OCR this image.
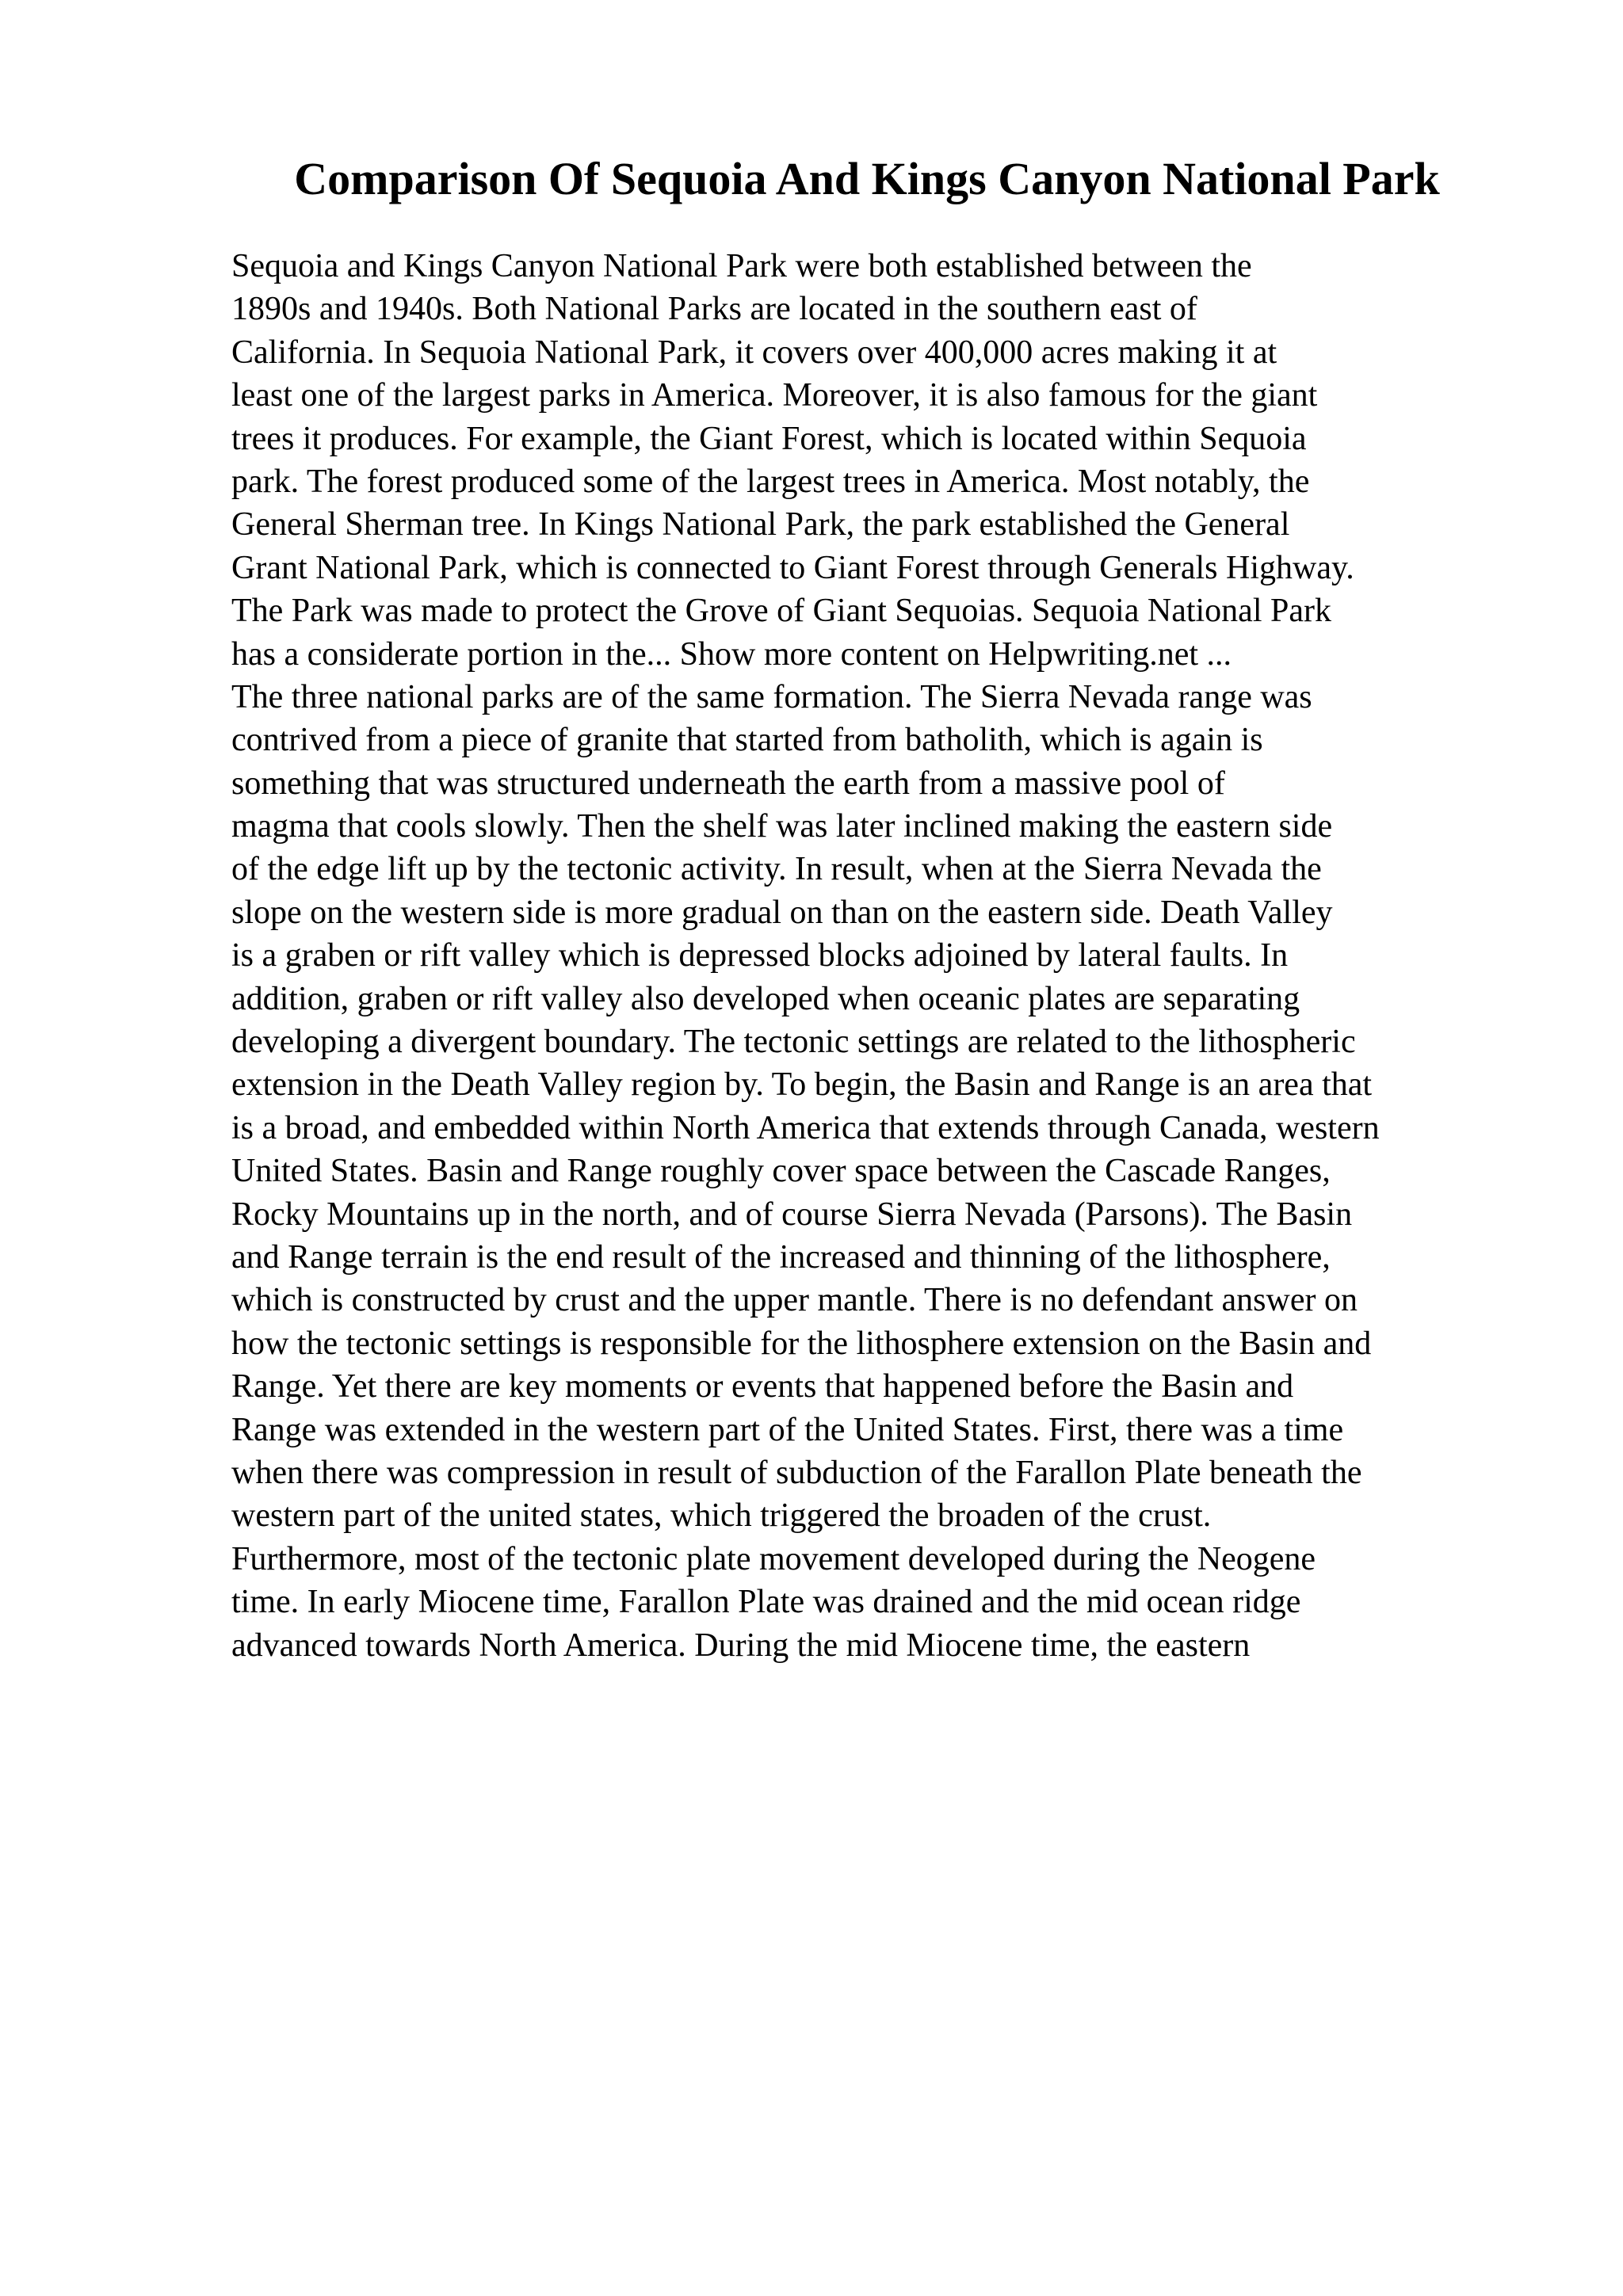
Comparison Of Sequoia And Kings Canyon National Park
Sequoia and Kings Canyon National Park were both established between the
1890s and 1940s. Both National Parks are located in the southern east of
California. In Sequoia National Park, it covers over 400,000 acres making it at
least one of the largest parks in America. Moreover, it is also famous for the giant
trees it produces. For example, the Giant Forest, which is located within Sequoia
park. The forest produced some of the largest trees in America. Most notably, the
General Sherman tree. In Kings National Park, the park established the General
Grant National Park, which is connected to Giant Forest through Generals Highway.
The Park was made to protect the Grove of Giant Sequoias. Sequoia National Park
has a considerate portion in the... Show more content on Helpwriting.net ...
The three national parks are of the same formation. The Sierra Nevada range was
contrived from a piece of granite that started from batholith, which is again is
something that was structured underneath the earth from a massive pool of
magma that cools slowly. Then the shelf was later inclined making the eastern side
of the edge lift up by the tectonic activity. In result, when at the Sierra Nevada the
slope on the western side is more gradual on than on the eastern side. Death Valley
is a graben or rift valley which is depressed blocks adjoined by lateral faults. In
addition, graben or rift valley also developed when oceanic plates are separating
developing a divergent boundary. The tectonic settings are related to the lithospheric
extension in the Death Valley region by. To begin, the Basin and Range is an area that
is a broad, and embedded within North America that extends through Canada, western
United States. Basin and Range roughly cover space between the Cascade Ranges,
Rocky Mountains up in the north, and of course Sierra Nevada (Parsons). The Basin
and Range terrain is the end result of the increased and thinning of the lithosphere,
which is constructed by crust and the upper mantle. There is no defendant answer on
how the tectonic settings is responsible for the lithosphere extension on the Basin and
Range. Yet there are key moments or events that happened before the Basin and
Range was extended in the western part of the United States. First, there was a time
when there was compression in result of subduction of the Farallon Plate beneath the
western part of the united states, which triggered the broaden of the crust.
Furthermore, most of the tectonic plate movement developed during the Neogene
time. In early Miocene time, Farallon Plate was drained and the mid ocean ridge
advanced towards North America. During the mid Miocene time, the eastern
